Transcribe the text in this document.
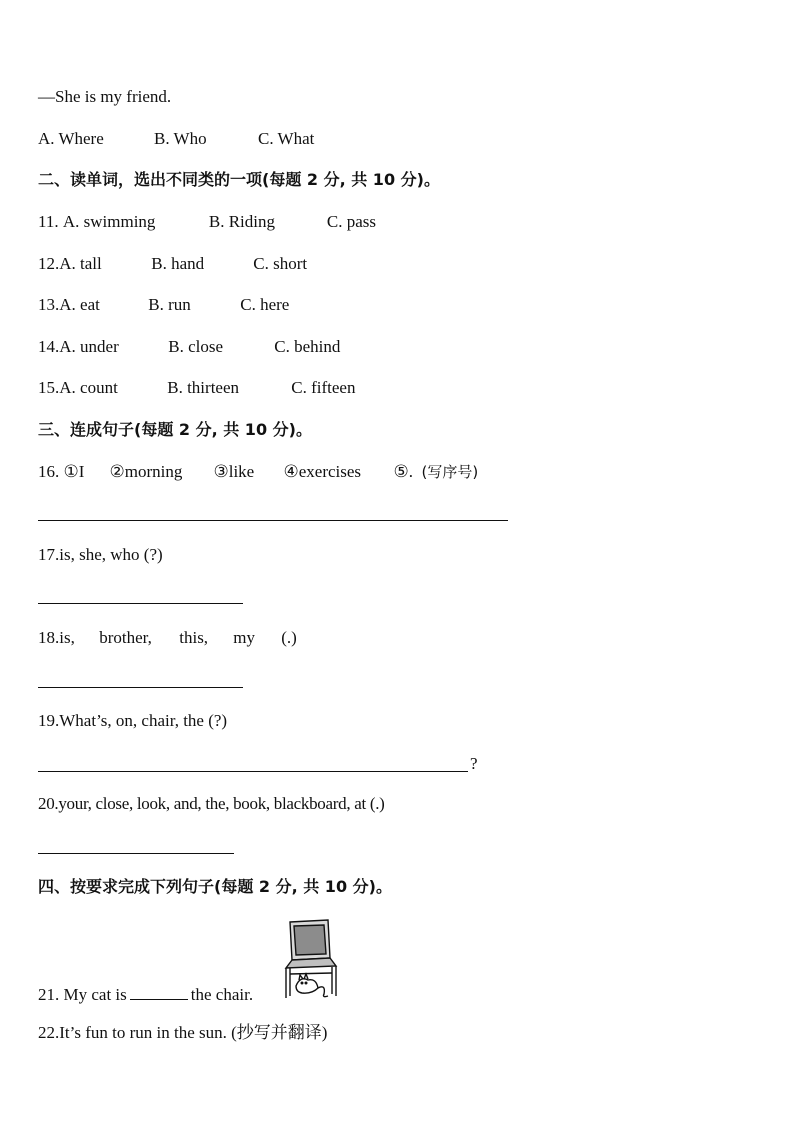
—She is my friend.
A. Where	B. Who	C. What
二、读单词，选出不同类的一项(每题 2 分, 共 10 分)。
11. A. swimming	B. Riding	C. pass
12.A. tall	B. hand	C. short
13.A. eat	B. run	C. here
14.A. under	B. close	C. behind
15.A. count	B. thirteen	C. fifteen
三、连成句子(每题 2 分, 共 10 分)。
16. ①I ②morning ③like ④exercises ⑤. (写序号)
17.is, she, who (?)
18.is, brother, this, my (.)
19.What’s, on, chair, the (?)
?
20.your, close, look, and, the, book, blackboard, at (.)
四、按要求完成下列句子(每题 2 分, 共 10 分)。
21. My cat is	the chair.
22.It’s fun to run in the sun. (抄写并翻译)
